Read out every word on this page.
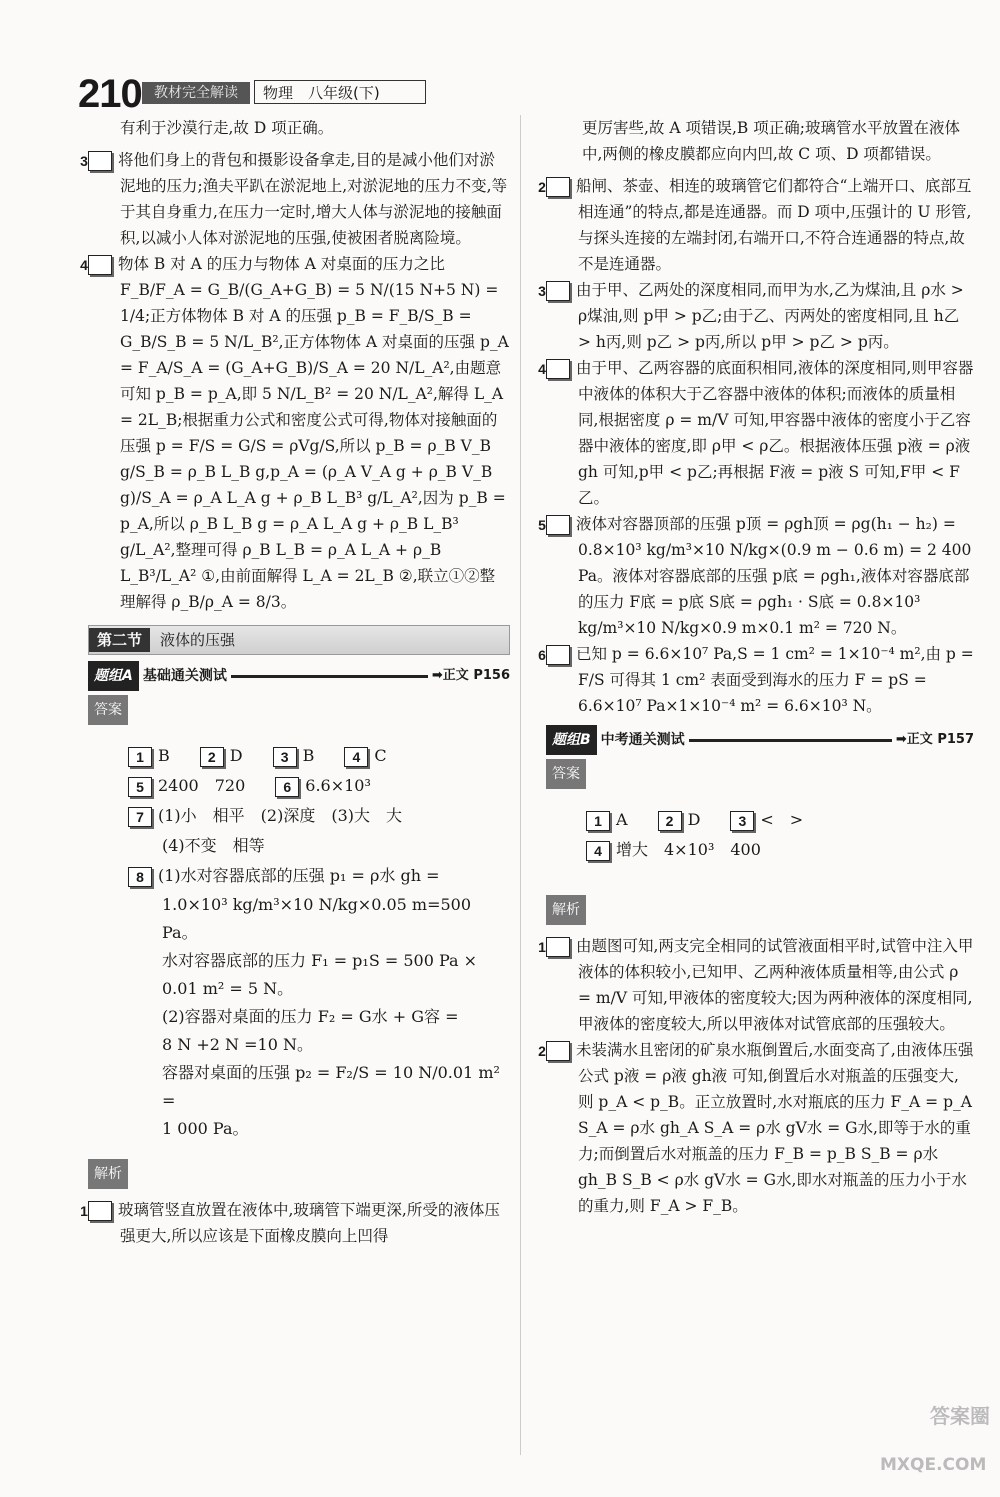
210 教材完全解读	物理　八年级(下)

有利于沙漠行走,故 D 项正确。

3 将他们身上的背包和摄影设备拿走,目的是减小他们对淤泥地的压力;渔夫平趴在淤泥地上,对淤泥地的压力不变,等于其自身重力,在压力一定时,增大人体与淤泥地的接触面积,以减小人体对淤泥地的压强,使被困者脱离险境。

4 物体 B 对 A 的压力与物体 A 对桌面的压力之比 F_B/F_A = G_B/(G_A+G_B) = 5 N/(15 N+5 N) = 1/4;正方体物体 B 对 A 的压强 p_B = F_B/S_B = G_B/S_B = 5 N/L_B²,正方体物体 A 对桌面的压强 p_A = F_A/S_A = (G_A+G_B)/S_A = 20 N/L_A²,由题意可知 p_B = p_A,即 5 N/L_B² = 20 N/L_A²,解得 L_A = 2L_B;根据重力公式和密度公式可得,物体对接触面的压强 p = F/S = G/S = ρVg/S,所以 p_B = ρ_B V_B g/S_B = ρ_B L_B g,p_A = (ρ_A V_A g + ρ_B V_B g)/S_A = ρ_A L_A g + ρ_B L_B³ g/L_A²,因为 p_B = p_A,所以 ρ_B L_B g = ρ_A L_A g + ρ_B L_B³ g/L_A²,整理可得 ρ_B L_B = ρ_A L_A + ρ_B L_B³/L_A² ①,由前面解得 L_A = 2L_B ②,联立①②整理解得 ρ_B/ρ_A = 8/3。

第二节 液体的压强
题组A 基础通关测试	➡正文 P156
答案
1 B	2 D	3 B	4 C
5 2400　720	6 6.6×10³
7 (1)小　相平　(2)深度　(3)大　大
(4)不变　相等
8 (1)水对容器底部的压强 p₁ = ρ水 gh =
1.0×10³ kg/m³×10 N/kg×0.05 m=500 Pa。
水对容器底部的压力 F₁ = p₁S = 500 Pa ×
0.01 m² = 5 N。
(2)容器对桌面的压力 F₂ = G水 + G容 =
8 N +2 N =10 N。
容器对桌面的压强 p₂ = F₂/S = 10 N/0.01 m² =
1 000 Pa。
解析

1 玻璃管竖直放置在液体中,玻璃管下端更深,所受的液体压强更大,所以应该是下面橡皮膜向上凹得

更厉害些,故 A 项错误,B 项正确;玻璃管水平放置在液体中,两侧的橡皮膜都应向内凹,故 C 项、D 项都错误。

2 船闸、茶壶、相连的玻璃管它们都符合“上端开口、底部互相连通”的特点,都是连通器。而 D 项中,压强计的 U 形管,与探头连接的左端封闭,右端开口,不符合连通器的特点,故不是连通器。

3 由于甲、乙两处的深度相同,而甲为水,乙为煤油,且 ρ水 > ρ煤油,则 p甲 > p乙;由于乙、丙两处的密度相同,且 h乙 > h丙,则 p乙 > p丙,所以 p甲 > p乙 > p丙。

4 由于甲、乙两容器的底面积相同,液体的深度相同,则甲容器中液体的体积大于乙容器中液体的体积;而液体的质量相同,根据密度 ρ = m/V 可知,甲容器中液体的密度小于乙容器中液体的密度,即 ρ甲 < ρ乙。根据液体压强 p液 = ρ液 gh 可知,p甲 < p乙;再根据 F液 = p液 S 可知,F甲 < F乙。

5 液体对容器顶部的压强 p顶 = ρgh顶 = ρg(h₁ − h₂) = 0.8×10³ kg/m³×10 N/kg×(0.9 m − 0.6 m) = 2 400 Pa。液体对容器底部的压强 p底 = ρgh₁,液体对容器底部的压力 F底 = p底 S底 = ρgh₁ · S底 = 0.8×10³ kg/m³×10 N/kg×0.9 m×0.1 m² = 720 N。

6 已知 p = 6.6×10⁷ Pa,S = 1 cm² = 1×10⁻⁴ m²,由 p = F/S 可得其 1 cm² 表面受到海水的压力 F = pS = 6.6×10⁷ Pa×1×10⁻⁴ m² = 6.6×10³ N。

题组B 中考通关测试	➡正文 P157
答案
1 A	2 D	3 <　>
4 增大　4×10³　400
解析

1 由题图可知,两支完全相同的试管液面相平时,试管中注入甲液体的体积较小,已知甲、乙两种液体质量相等,由公式 ρ = m/V 可知,甲液体的密度较大;因为两种液体的深度相同,甲液体的密度较大,所以甲液体对试管底部的压强较大。

2 未装满水且密闭的矿泉水瓶倒置后,水面变高了,由液体压强公式 p液 = ρ液 gh液 可知,倒置后水对瓶盖的压强变大,则 p_A < p_B。正立放置时,水对瓶底的压力 F_A = p_A S_A = ρ水 gh_A S_A = ρ水 gV水 = G水,即等于水的重力;而倒置后水对瓶盖的压力 F_B = p_B S_B = ρ水 gh_B S_B < ρ水 gV水 = G水,即水对瓶盖的压力小于水的重力,则 F_A > F_B。

答案圈
MXQE.COM
